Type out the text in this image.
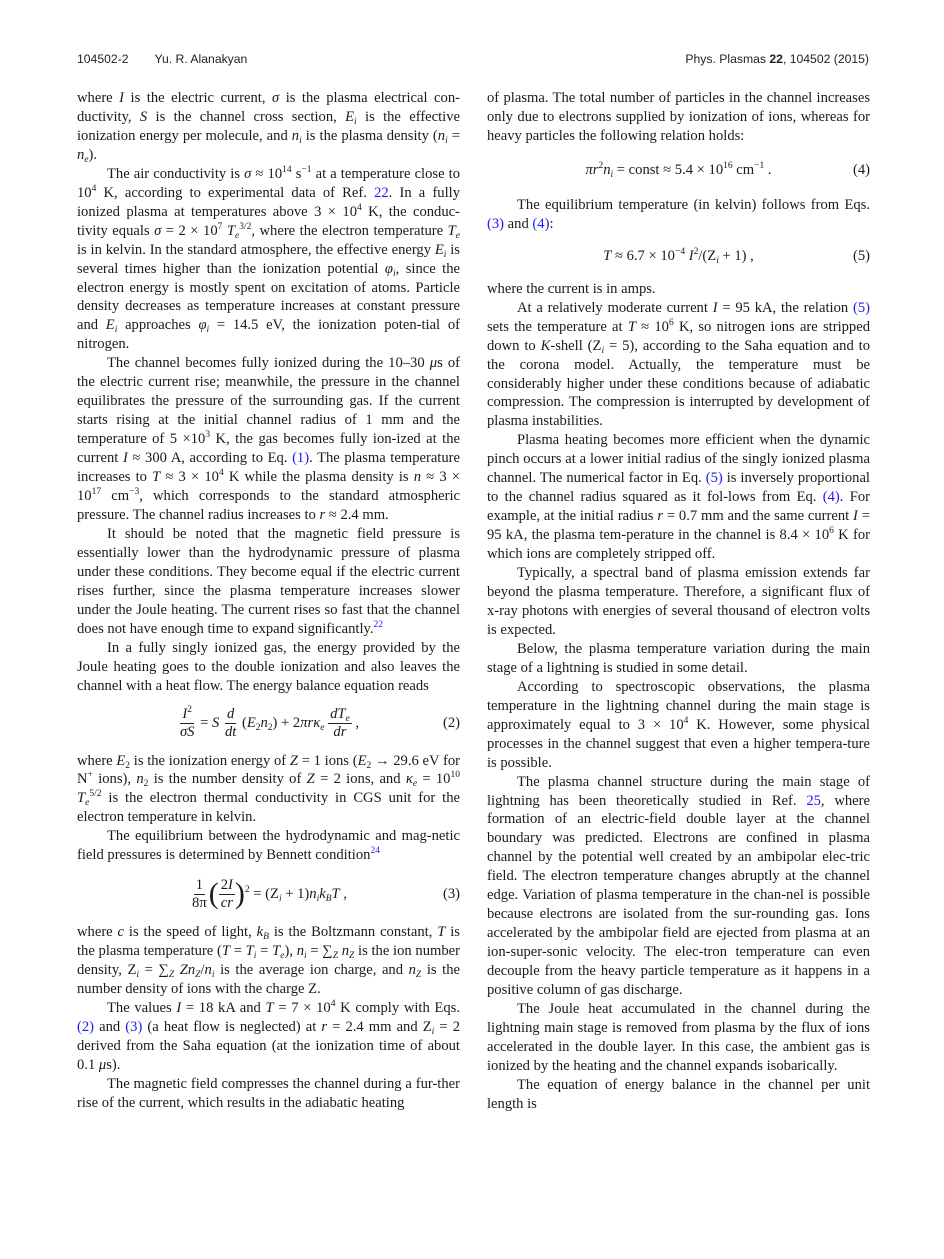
104502-2 Yu. R. Alanakyan	Phys. Plasmas 22, 104502 (2015)

where I is the electric current, σ is the plasma electrical con-ductivity, S is the channel cross section, $E_i$ is the effective ionization energy per molecule, and $n_i$ is the plasma density $(n_i = n_e)$.

The air conductivity is $\sigma \approx 10^{14}$ $s^{-1}$ at a temperature close to $10^4$ K, according to experimental data of Ref. 22. In a fully ionized plasma at temperatures above $3 \times 10^4$ K, the conduc-tivity equals $\sigma = 2 \times 10^7$ $T_e^{3/2}$, where the electron temperature $T_e$ is in kelvin. In the standard atmosphere, the effective energy $E_i$ is several times higher than the ionization potential $\varphi_i$, since the electron energy is mostly spent on excitation of atoms. Particle density decreases as temperature increases at constant pressure and $E_i$ approaches $\varphi_i = 14.5$ eV, the ionization poten-tial of nitrogen.

The channel becomes fully ionized during the 10–30 μs of the electric current rise; meanwhile, the pressure in the channel equilibrates the pressure of the surrounding gas. If the current starts rising at the initial channel radius of 1 mm and the temperature of $5 \times 10^3$ K, the gas becomes fully ion-ized at the current I ≈ 300 A, according to Eq. (1). The plasma temperature increases to $T \approx 3 \times 10^4$ K while the plasma density is $n \approx 3 \times 10^{17}$ $cm^{-3}$, which corresponds to the standard atmospheric pressure. The channel radius increases to r ≈ 2.4 mm.

It should be noted that the magnetic field pressure is essentially lower than the hydrodynamic pressure of plasma under these conditions. They become equal if the electric current rises further, since the plasma temperature increases slower under the Joule heating. The current rises so fast that the channel does not have enough time to expand significantly.$^{22}$

In a fully singly ionized gas, the energy provided by the Joule heating goes to the double ionization and also leaves the channel with a heat flow. The energy balance equation reads

$\frac{I^2}{\sigma S} = S \frac{d}{dt} (E_2n_2) + 2\pi r\kappa_e \frac{dT_e}{dr}$ ,	(2)

where $E_2$ is the ionization energy of Z = 1 ions ($E_2 \to 29.6$ eV for N+ ions), $n_2$ is the number density of Z = 2 ions, and $\kappa_e = 10^{10}$ $T_e^{5/2}$ is the electron thermal conductivity in CGS unit for the electron temperature in kelvin.

The equilibrium between the hydrodynamic and mag-netic field pressures is determined by Bennett condition$^{24}$

$\frac{1}{8\pi}$ ( $\frac{2I}{cr} )^2 = (Z_i + 1)n_ik_BT$ ,	(3)

where c is the speed of light, $k_B$ is the Boltzmann constant, T is the plasma temperature $(T = T_i = T_e)$, $n_i = \sum_Z$ $n_Z$ is the ion number density, $Z_i = \sum_Z$ $Zn_Z/n_i$ is the average ion charge, and $n_Z$ is the number density of ions with the charge Z.

The values I = 18 kA and $T = 7 \times 10^4$ K comply with Eqs. (2) and (3) (a heat flow is neglected) at r = 2.4 mm and $Z_i = 2$ derived from the Saha equation (at the ionization time of about 0.1 μs).

The magnetic field compresses the channel during a fur-ther rise of the current, which results in the adiabatic heating

of plasma. The total number of particles in the channel increases only due to electrons supplied by ionization of ions, whereas for heavy particles the following relation holds:

$\pi r^2n_i$ = const ≈ $5.4 \times 10^{16}$ $cm^{-1}$ .	(4)

The equilibrium temperature (in kelvin) follows from Eqs. (3) and (4):

$T \approx 6.7 \times 10^{-4}$ $I^2/(Z_i + 1)$ ,	(5)

where the current is in amps.

At a relatively moderate current I = 95 kA, the relation (5) sets the temperature at $T \approx 10^6$ K, so nitrogen ions are stripped down to K-shell $(Z_i = 5)$, according to the Saha equation and to the corona model. Actually, the temperature must be considerably higher under these conditions because of adiabatic compression. The compression is interrupted by development of plasma instabilities.

Plasma heating becomes more efficient when the dynamic pinch occurs at a lower initial radius of the singly ionized plasma channel. The numerical factor in Eq. (5) is inversely proportional to the channel radius squared as it fol-lows from Eq. (4). For example, at the initial radius r = 0.7 mm and the same current I = 95 kA, the plasma tem-perature in the channel is $8.4 \times 10^6$ K for which ions are completely stripped off.

Typically, a spectral band of plasma emission extends far beyond the plasma temperature. Therefore, a significant flux of x-ray photons with energies of several thousand of electron volts is expected.

Below, the plasma temperature variation during the main stage of a lightning is studied in some detail.

According to spectroscopic observations, the plasma temperature in the lightning channel during the main stage is approximately equal to $3 \times 10^4$ K. However, some physical processes in the channel suggest that even a higher tempera-ture is possible.

The plasma channel structure during the main stage of lightning has been theoretically studied in Ref. 25, where formation of an electric-field double layer at the channel boundary was predicted. Electrons are confined in plasma channel by the potential well created by an ambipolar elec-tric field. The electron temperature changes abruptly at the channel edge. Variation of plasma temperature in the chan-nel is possible because electrons are isolated from the sur-rounding gas. Ions accelerated by the ambipolar field are ejected from plasma at an ion-super-sonic velocity. The elec-tron temperature can even decouple from the heavy particle temperature as it happens in a positive column of gas discharge.

The Joule heat accumulated in the channel during the lightning main stage is removed from plasma by the flux of ions accelerated in the double layer. In this case, the ambient gas is ionized by the heating and the channel expands isobarically.

The equation of energy balance in the channel per unit length is
